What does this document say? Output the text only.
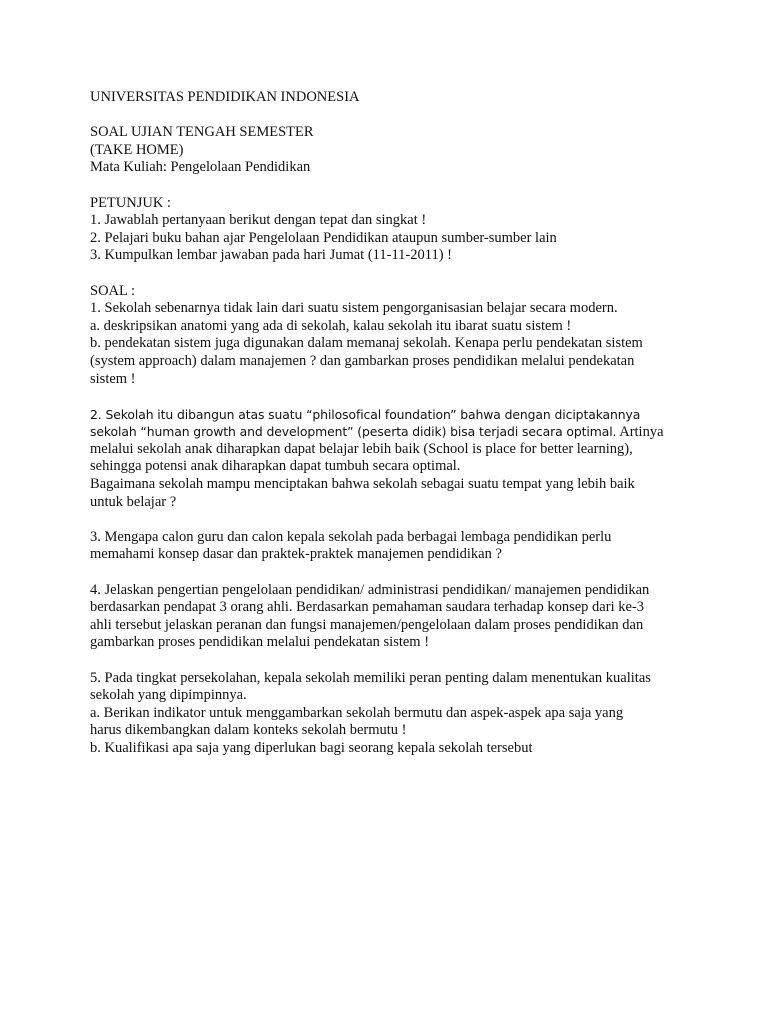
UNIVERSITAS PENDIDIKAN INDONESIA
SOAL UJIAN TENGAH SEMESTER
(TAKE HOME)
Mata Kuliah: Pengelolaan Pendidikan
PETUNJUK :
1. Jawablah pertanyaan berikut dengan tepat dan singkat !
2. Pelajari buku bahan ajar Pengelolaan Pendidikan ataupun sumber-sumber lain
3. Kumpulkan lembar jawaban pada hari Jumat (11-11-2011) !
SOAL :
1. Sekolah sebenarnya tidak lain dari suatu sistem pengorganisasian belajar secara modern.
a. deskripsikan anatomi yang ada di sekolah, kalau sekolah itu ibarat suatu sistem !
b. pendekatan sistem juga digunakan dalam memanaj sekolah. Kenapa perlu pendekatan sistem
(system approach) dalam manajemen ? dan gambarkan proses pendidikan melalui pendekatan
sistem !
2. Sekolah itu dibangun atas suatu “philosofical foundation” bahwa dengan diciptakannya
sekolah “human growth and development” (peserta didik) bisa terjadi secara optimal. Artinya
melalui sekolah anak diharapkan dapat belajar lebih baik (School is place for better learning),
sehingga potensi anak diharapkan dapat tumbuh secara optimal.
Bagaimana sekolah mampu menciptakan bahwa sekolah sebagai suatu tempat yang lebih baik
untuk belajar ?
3. Mengapa calon guru dan calon kepala sekolah pada berbagai lembaga pendidikan perlu
memahami konsep dasar dan praktek-praktek manajemen pendidikan ?
4. Jelaskan pengertian pengelolaan pendidikan/ administrasi pendidikan/ manajemen pendidikan
berdasarkan pendapat 3 orang ahli. Berdasarkan pemahaman saudara terhadap konsep dari ke-3
ahli tersebut jelaskan peranan dan fungsi manajemen/pengelolaan dalam proses pendidikan dan
gambarkan proses pendidikan melalui pendekatan sistem !
5. Pada tingkat persekolahan, kepala sekolah memiliki peran penting dalam menentukan kualitas
sekolah yang dipimpinnya.
a. Berikan indikator untuk menggambarkan sekolah bermutu dan aspek-aspek apa saja yang
harus dikembangkan dalam konteks sekolah bermutu !
b. Kualifikasi apa saja yang diperlukan bagi seorang kepala sekolah tersebut
